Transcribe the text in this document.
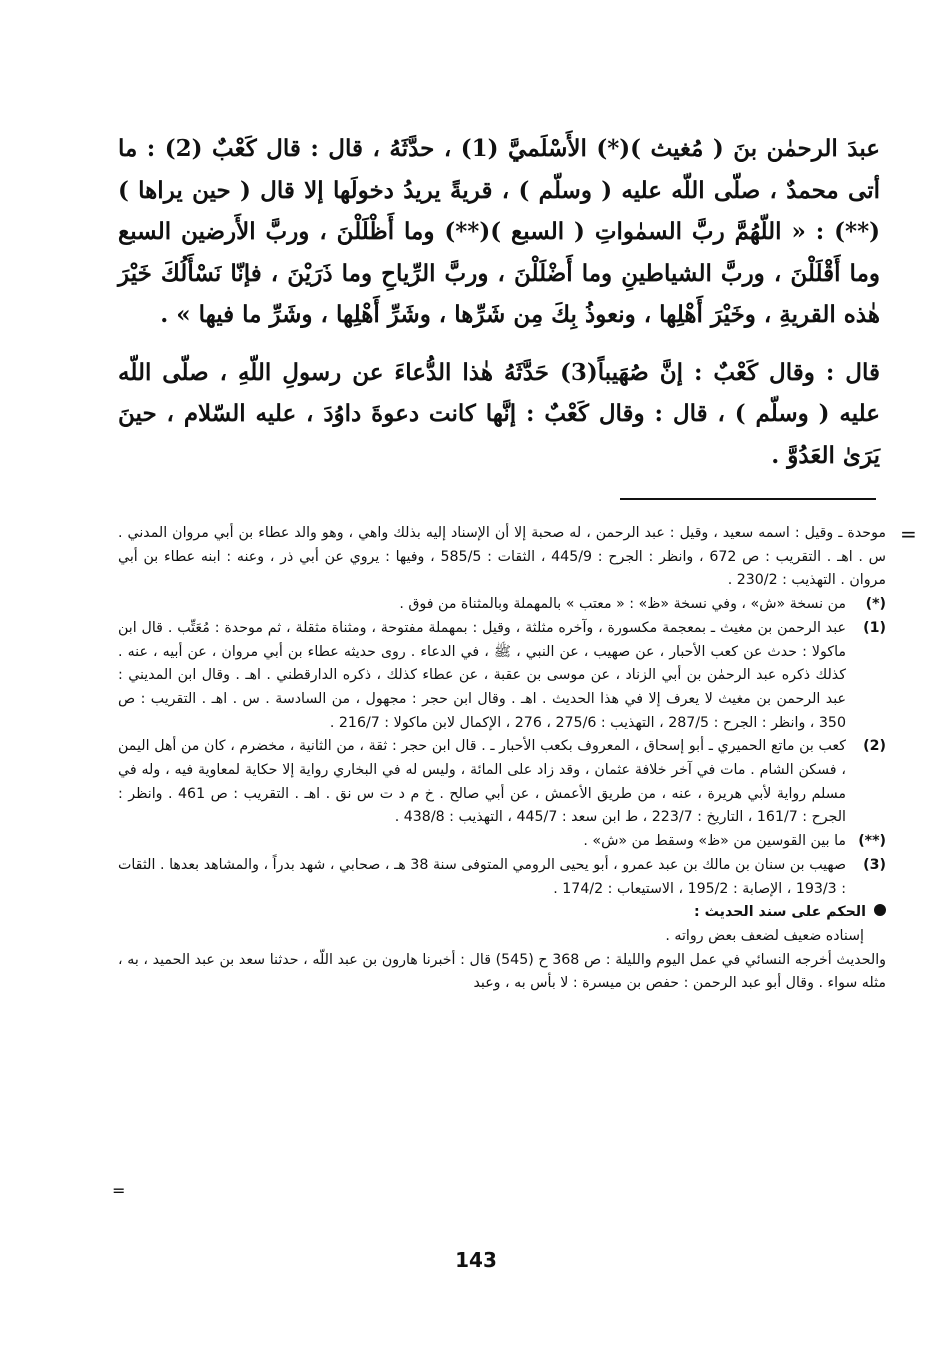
عبدَ الرحمٰن بنَ ( مُغيث )(*) الأَسْلَميَّ (1) ، حدَّثَهُ ، قال : قال كَعْبٌ (2) : ما أتى محمدٌ ، صلّى اللّه عليه ( وسلّم ) ، قريةً يريدُ دخولَها إلا قال ( حين يراها )(**) : « اللّهُمَّ ربَّ السمٰواتِ ( السبع )(**) وما أَظْلَلْنَ ، وربَّ الأَرضين السبع وما أَقْلَلْنَ ، وربَّ الشياطينِ وما أَضْلَلْنَ ، وربَّ الرِّياحِ وما ذَرَيْنَ ، فإنّا نَسْأَلُكَ خَيْرَ هٰذه القريةِ ، وخَيْرَ أَهْلِها ، ونعوذُ بِكَ مِن شَرِّها ، وشَرِّ أَهْلِها ، وشَرِّ ما فيها » .

قال : وقال كَعْبٌ : إنَّ صُهَيباً(3) حَدَّثَهُ هٰذا الدُّعاءَ عن رسولِ اللّهِ ، صلّى اللّه عليه ( وسلّم ) ، قال : وقال كَعْبٌ : إنَّها كانت دعوةَ داوُدَ ، عليه السّلام ، حينَ يَرَىٰ العَدُوَّ .

=

موحدة ـ وقيل : اسمه سعيد ، وقيل : عبد الرحمن ، له صحبة إلا أن الإسناد إليه بذلك واهي ، وهو والد عطاء بن أبي مروان المدني . س . اهـ . التقريب : ص 672 ، وانظر : الجرح : 445/9 ، الثقات : 585/5 ، وفيها : يروي عن أبي ذر ، وعنه : ابنه عطاء بن أبي مروان . التهذيب : 230/2 .

(*)
من نسخة «ش» ، وفي نسخة «ظ» : « معتب » بالمهملة وبالمثناة من فوق .
(1)
عبد الرحمن بن مغيث ـ بمعجمة مكسورة ، وآخره مثلثة ، وقيل : بمهملة مفتوحة ، ومثناة مثقلة ، ثم موحدة : مُعَتِّب . قال ابن ماكولا : حدث عن كعب الأحبار ، عن صهيب ، عن النبي ، ﷺ ، في الدعاء . روى حديثه عطاء بن أبي مروان ، عن أبيه ، عنه . كذلك ذكره عبد الرحمٰن بن أبي الزناد ، عن موسى بن عقبة ، عن عطاء كذلك ، ذكره الدارقطني . اهـ . وقال ابن المديني : عبد الرحمن بن مغيث لا يعرف إلا في هذا الحديث . اهـ . وقال ابن حجر : مجهول ، من السادسة . س . اهـ . التقريب : ص 350 ، وانظر : الجرح : 287/5 ، التهذيب : 275/6 ، 276 ، الإكمال لابن ماكولا : 216/7 .
(2)
كعب بن ماتع الحميري ـ أبو إسحاق ، المعروف بكعب الأحبار ـ . قال ابن حجر : ثقة ، من الثانية ، مخضرم ، كان من أهل اليمن ، فسكن الشام . مات في آخر خلافة عثمان ، وقد زاد على المائة ، وليس له في البخاري رواية إلا حكاية لمعاوية فيه ، وله في مسلم رواية لأبي هريرة ، عنه ، من طريق الأعمش ، عن أبي صالح . خ م د ت س نق . اهـ . التقريب : ص 461 . وانظر : الجرح : 161/7 ، التاريخ : 223/7 ، ط ابن سعد : 445/7 ، التهذيب : 438/8 .
(**)
ما بين القوسين من «ظ» وسقط من «ش» .
(3)
صهيب بن سنان بن مالك بن عبد عمرو ، أبو يحيى الرومي المتوفى سنة 38 هـ ، صحابي ، شهد بدراً ، والمشاهد بعدها . الثقات : 193/3 ، الإصابة : 195/2 ، الاستيعاب : 174/2 .
الحكم على سند الحديث :

إسناده ضعيف لضعف بعض رواته .

والحديث أخرجه النسائي في عمل اليوم والليلة : ص 368 ح (545) قال : أخبرنا هارون بن عبد اللّه ، حدثنا سعد بن عبد الحميد ، به ، مثله سواء . وقال أبو عبد الرحمن : حفص بن ميسرة : لا بأس به ، وعبد

=
143
